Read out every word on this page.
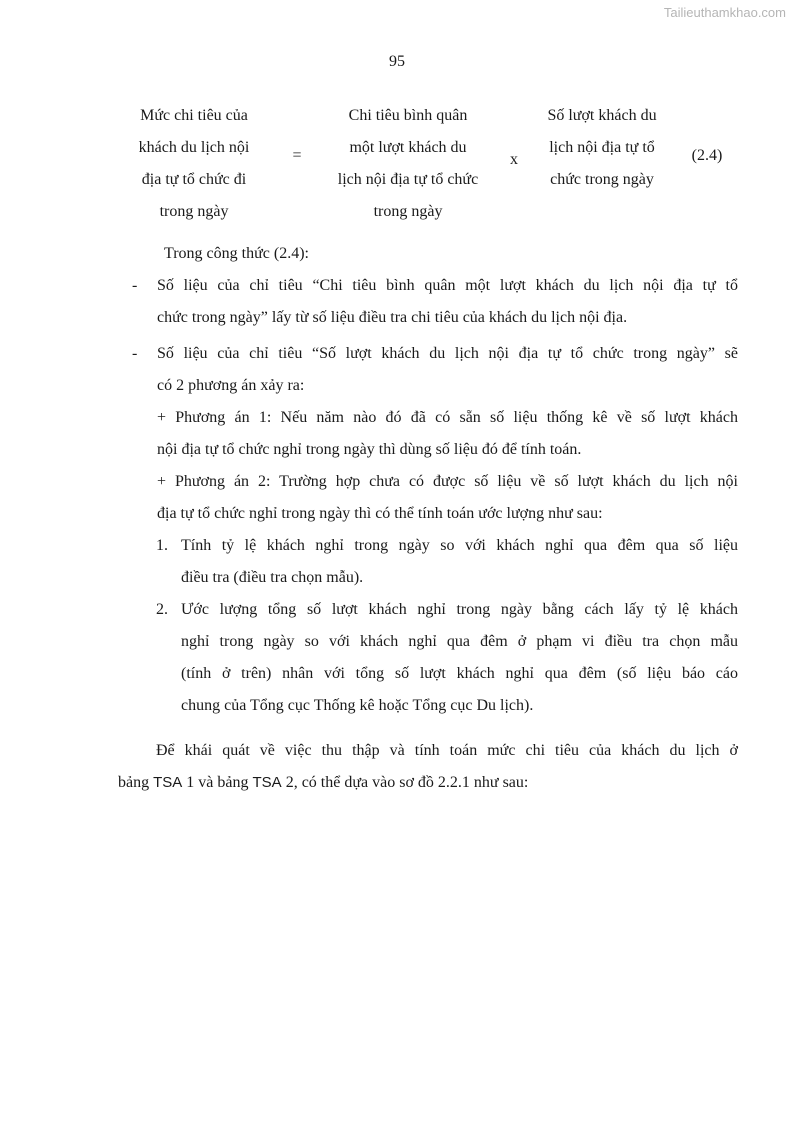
Tailieuthamkhao.com
95
Mức chi tiêu của
khách du lịch nội
địa tự tổ chức đi
trong ngày
=
Chi tiêu bình quân
một lượt khách du
lịch nội địa tự tổ chức
trong ngày
x
Số lượt khách du
lịch nội địa tự tổ
chức trong ngày
(2.4)
Trong công thức (2.4):
-	Số liệu của chỉ tiêu “Chi tiêu bình quân một lượt khách du lịch nội địa tự tổ
chức trong ngày” lấy từ số liệu điều tra chi tiêu của khách du lịch nội địa.
-	Số liệu của chỉ tiêu “Số lượt khách du lịch nội địa tự tổ chức trong ngày” sẽ
có 2 phương án xảy ra:
+ Phương án 1: Nếu năm nào đó đã có sẵn số liệu thống kê về số lượt khách
nội địa tự tổ chức nghỉ trong ngày thì dùng số liệu đó để tính toán.
+ Phương án 2: Trường hợp chưa có được số liệu về số lượt khách du lịch nội
địa tự tổ chức nghỉ trong ngày thì có thể tính toán ước lượng như sau:
1. Tính tỷ lệ khách nghỉ trong ngày so với khách nghỉ qua đêm qua số liệu
điều tra (điều tra chọn mẫu).
2. Ước lượng tổng số lượt khách nghỉ trong ngày bằng cách lấy tỷ lệ khách
nghỉ trong ngày so với khách nghỉ qua đêm ở phạm vi điều tra chọn mẫu
(tính ở trên) nhân với tổng số lượt khách nghỉ qua đêm (số liệu báo cáo
chung của Tổng cục Thống kê hoặc Tổng cục Du lịch).
Để khái quát về việc thu thập và tính toán mức chi tiêu của khách du lịch ở
bảng TSA 1 và bảng TSA 2, có thể dựa vào sơ đồ 2.2.1 như sau:
